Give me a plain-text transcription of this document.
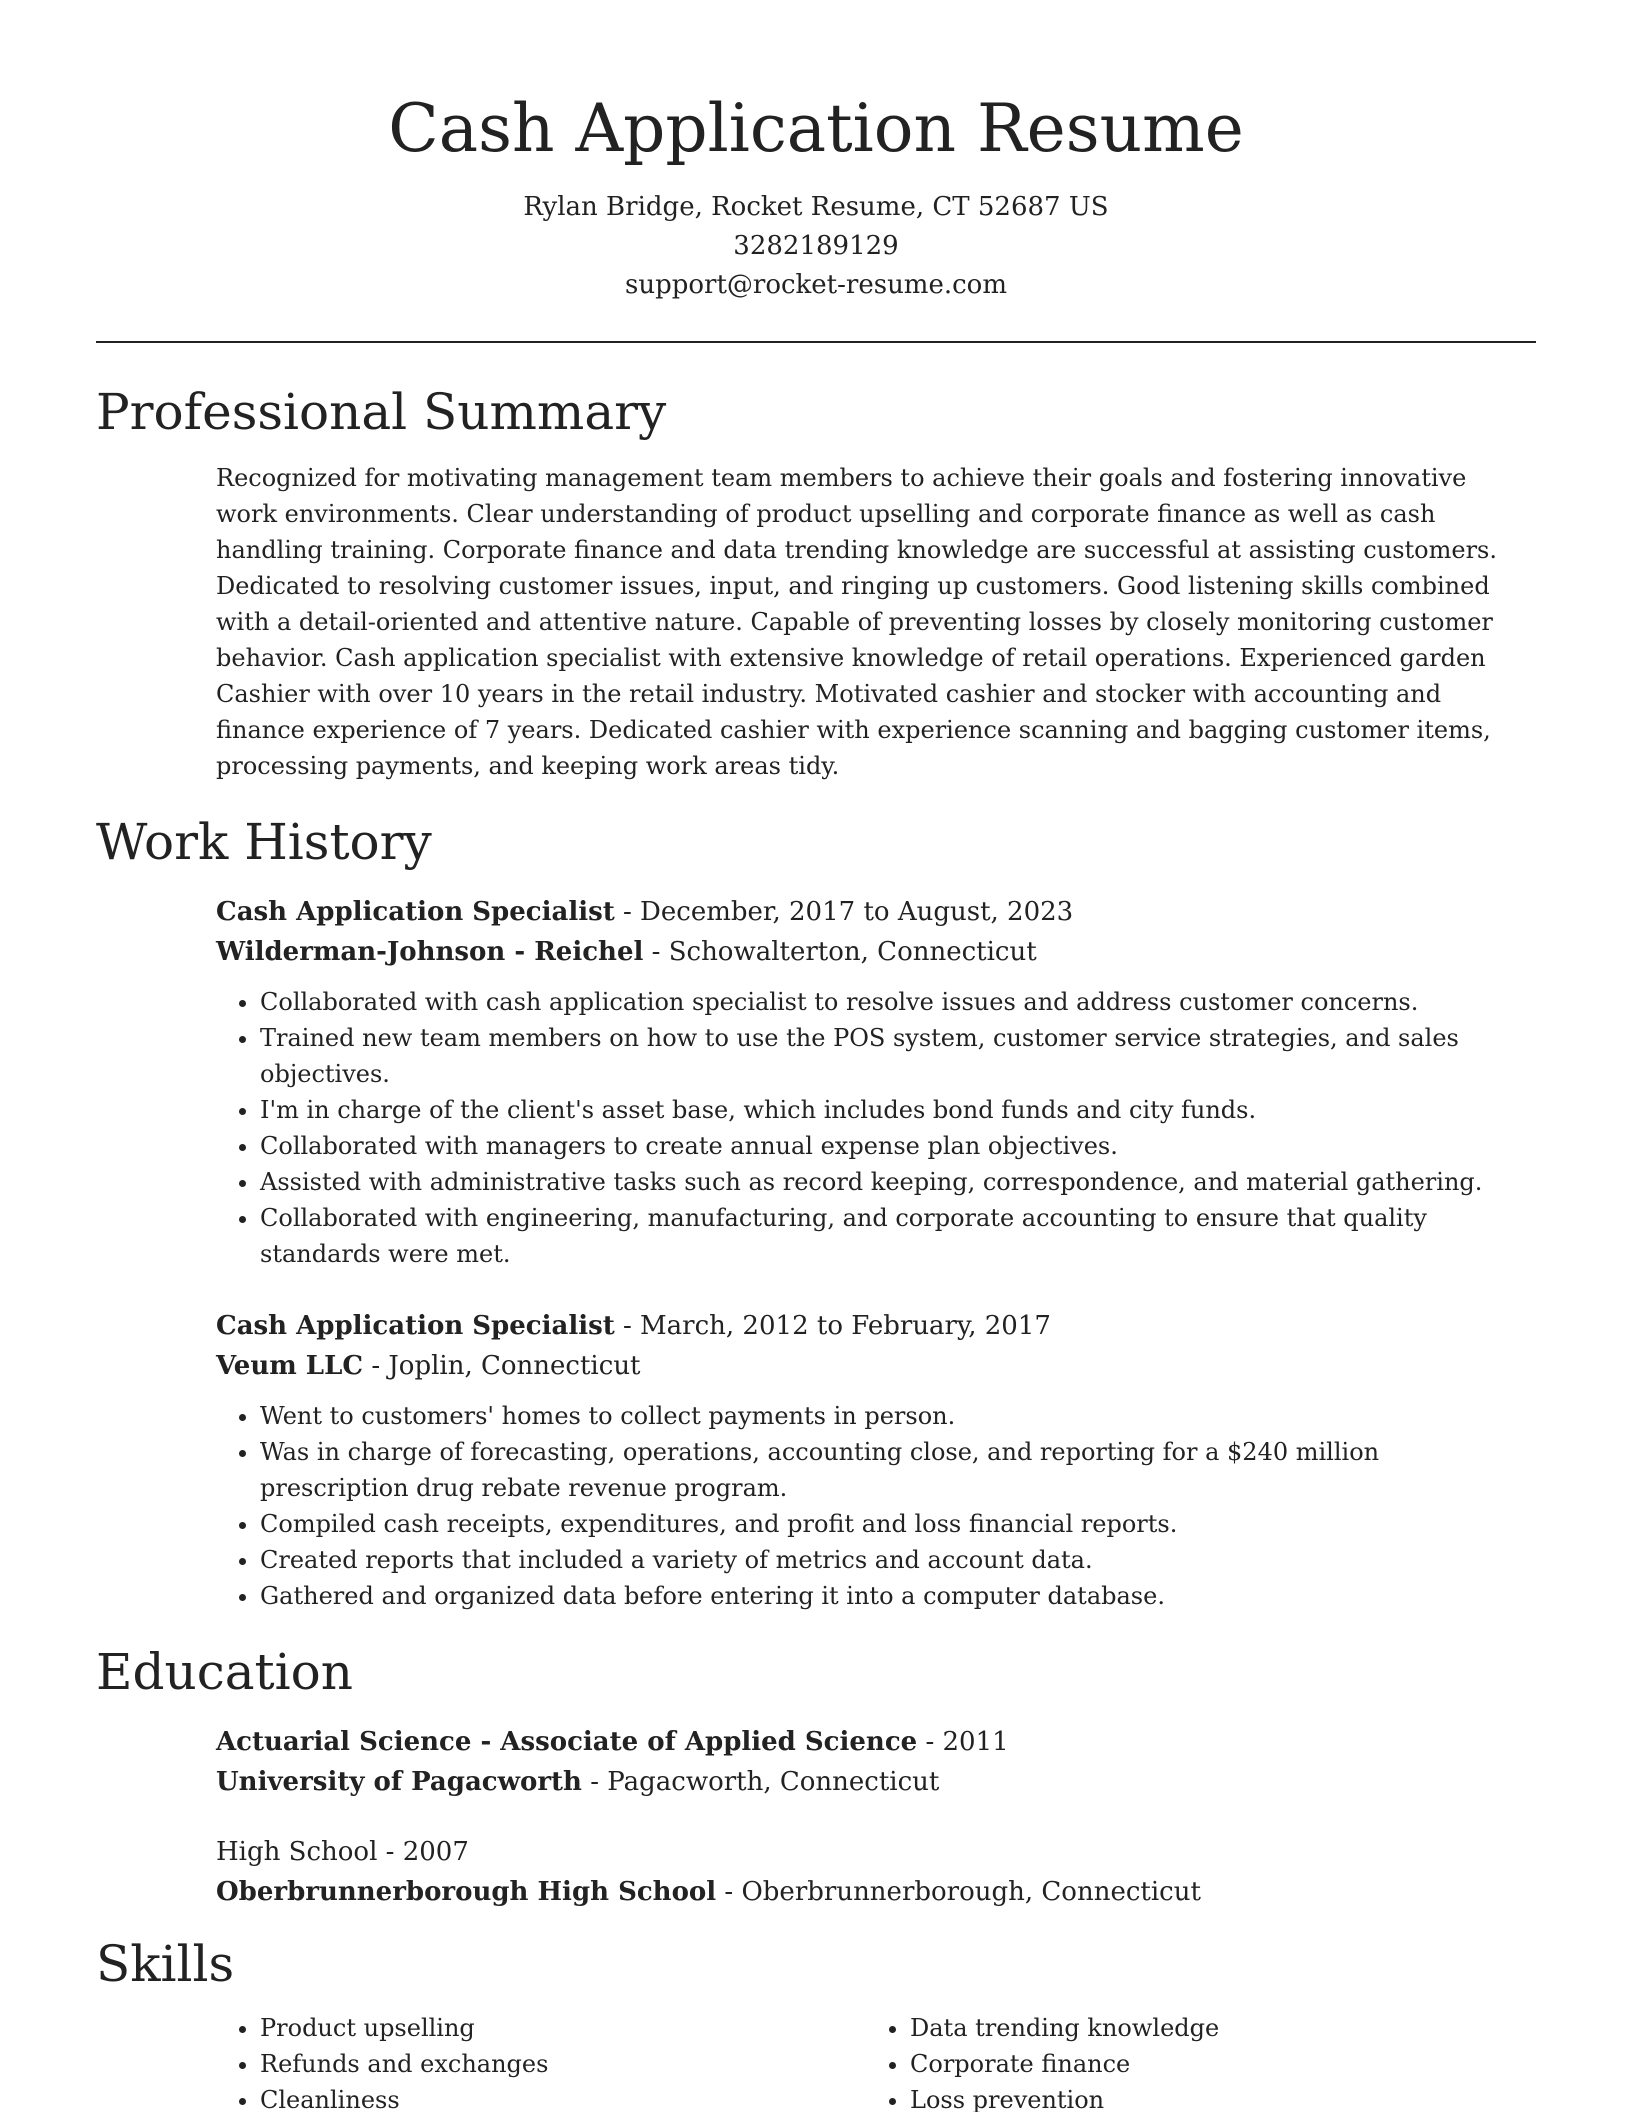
Cash Application Resume

Rylan Bridge, Rocket Resume, CT 52687 US

3282189129

support@rocket-resume.com

Professional Summary

Recognized for motivating management team members to achieve their goals and fostering innovative work environments. Clear understanding of product upselling and corporate finance as well as cash handling training. Corporate finance and data trending knowledge are successful at assisting customers. Dedicated to resolving customer issues, input, and ringing up customers. Good listening skills combined with a detail-oriented and attentive nature. Capable of preventing losses by closely monitoring customer behavior. Cash application specialist with extensive knowledge of retail operations. Experienced garden Cashier with over 10 years in the retail industry. Motivated cashier and stocker with accounting and finance experience of 7 years. Dedicated cashier with experience scanning and bagging customer items, processing payments, and keeping work areas tidy.

Work History

Cash Application Specialist - December, 2017 to August, 2023

Wilderman-Johnson - Reichel - Schowalterton, Connecticut

• Collaborated with cash application specialist to resolve issues and address customer concerns.
• Trained new team members on how to use the POS system, customer service strategies, and sales objectives.
• I'm in charge of the client's asset base, which includes bond funds and city funds.
• Collaborated with managers to create annual expense plan objectives.
• Assisted with administrative tasks such as record keeping, correspondence, and material gathering.
• Collaborated with engineering, manufacturing, and corporate accounting to ensure that quality standards were met.

Cash Application Specialist - March, 2012 to February, 2017

Veum LLC - Joplin, Connecticut

• Went to customers' homes to collect payments in person.
• Was in charge of forecasting, operations, accounting close, and reporting for a $240 million prescription drug rebate revenue program.
• Compiled cash receipts, expenditures, and profit and loss financial reports.
• Created reports that included a variety of metrics and account data.
• Gathered and organized data before entering it into a computer database.
Education

Actuarial Science - Associate of Applied Science - 2011

University of Pagacworth - Pagacworth, Connecticut

High School - 2007

Oberbrunnerborough High School - Oberbrunnerborough, Connecticut

Skills
• Product upselling
• Refunds and exchanges
• Cleanliness
• Data trending knowledge
• Corporate finance
• Loss prevention
